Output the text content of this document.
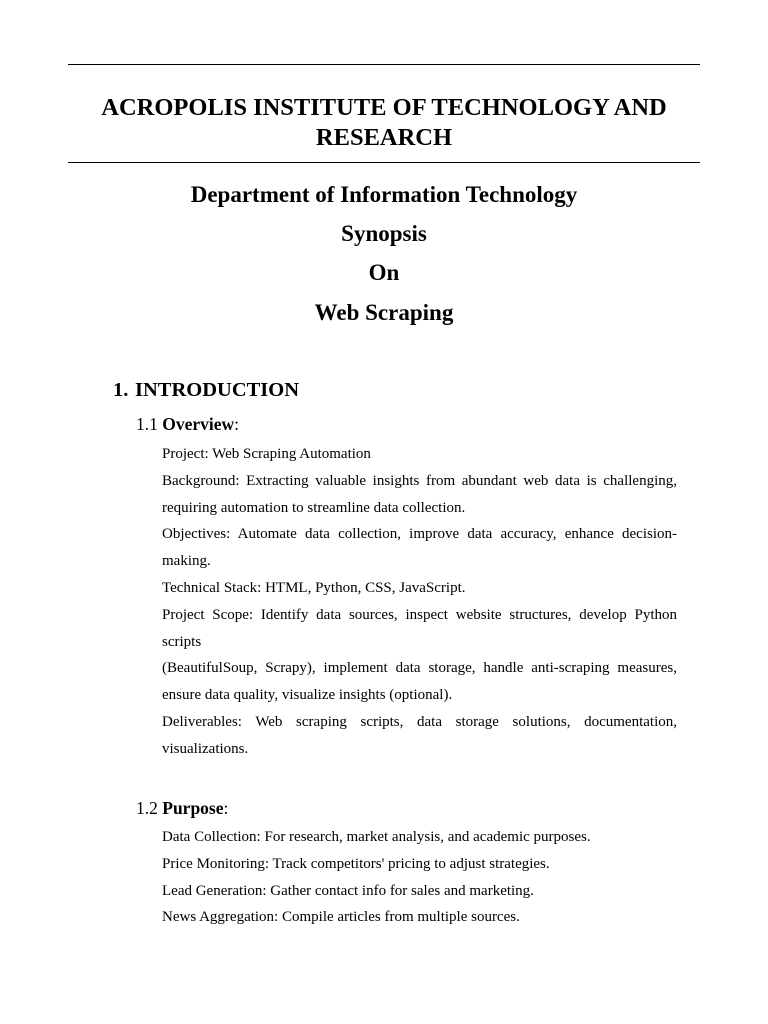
ACROPOLIS INSTITUTE OF TECHNOLOGY AND RESEARCH
Department of Information Technology
Synopsis
On
Web Scraping
1. INTRODUCTION
1.1 Overview:

Project: Web Scraping Automation

Background: Extracting valuable insights from abundant web data is challenging, requiring automation to streamline data collection.

Objectives: Automate data collection, improve data accuracy, enhance decision-making.

Technical Stack: HTML, Python, CSS, JavaScript.

Project Scope: Identify data sources, inspect website structures, develop Python scripts

(BeautifulSoup, Scrapy), implement data storage, handle anti-scraping measures, ensure data quality, visualize insights (optional).

Deliverables: Web scraping scripts, data storage solutions, documentation, visualizations.

1.2 Purpose:

Data Collection: For research, market analysis, and academic purposes.

Price Monitoring: Track competitors' pricing to adjust strategies.

Lead Generation: Gather contact info for sales and marketing.

News Aggregation: Compile articles from multiple sources.
